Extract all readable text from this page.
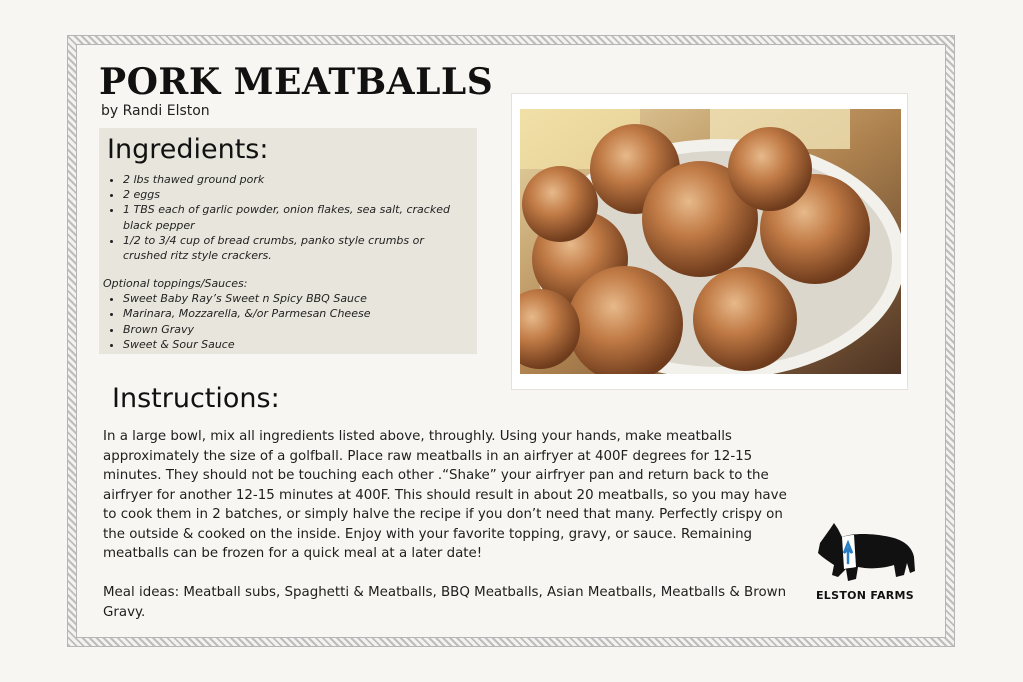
PORK MEATBALLS
by Randi Elston
Ingredients:
• 2 lbs thawed ground pork
• 2 eggs
• 1 TBS each of garlic powder, onion flakes, sea salt, cracked black pepper
• 1/2 to 3/4 cup of bread crumbs, panko style crumbs or crushed ritz style crackers.

Optional toppings/Sauces:

• Sweet Baby Ray’s Sweet n Spicy BBQ Sauce
• Marinara, Mozzarella, &/or Parmesan Cheese
• Brown Gravy
• Sweet & Sour Sauce
Instructions:

In a large bowl, mix all ingredients listed above, throughly. Using your hands, make meatballs approximately the size of a golfball. Place raw meatballs in an airfryer at 400F degrees for 12-15 minutes. They should not be touching each other .“Shake” your airfryer pan and return back to the airfryer for another 12-15 minutes at 400F. This should result in about 20 meatballs, so you may have to cook them in 2 batches, or simply halve the recipe if you don’t need that many. Perfectly crispy on the outside & cooked on the inside. Enjoy with your favorite topping, gravy, or sauce. Remaining meatballs can be frozen for a quick meal at a later date!

Meal ideas: Meatball subs, Spaghetti & Meatballs, BBQ Meatballs, Asian Meatballs, Meatballs & Brown Gravy.

ELSTON FARMS
